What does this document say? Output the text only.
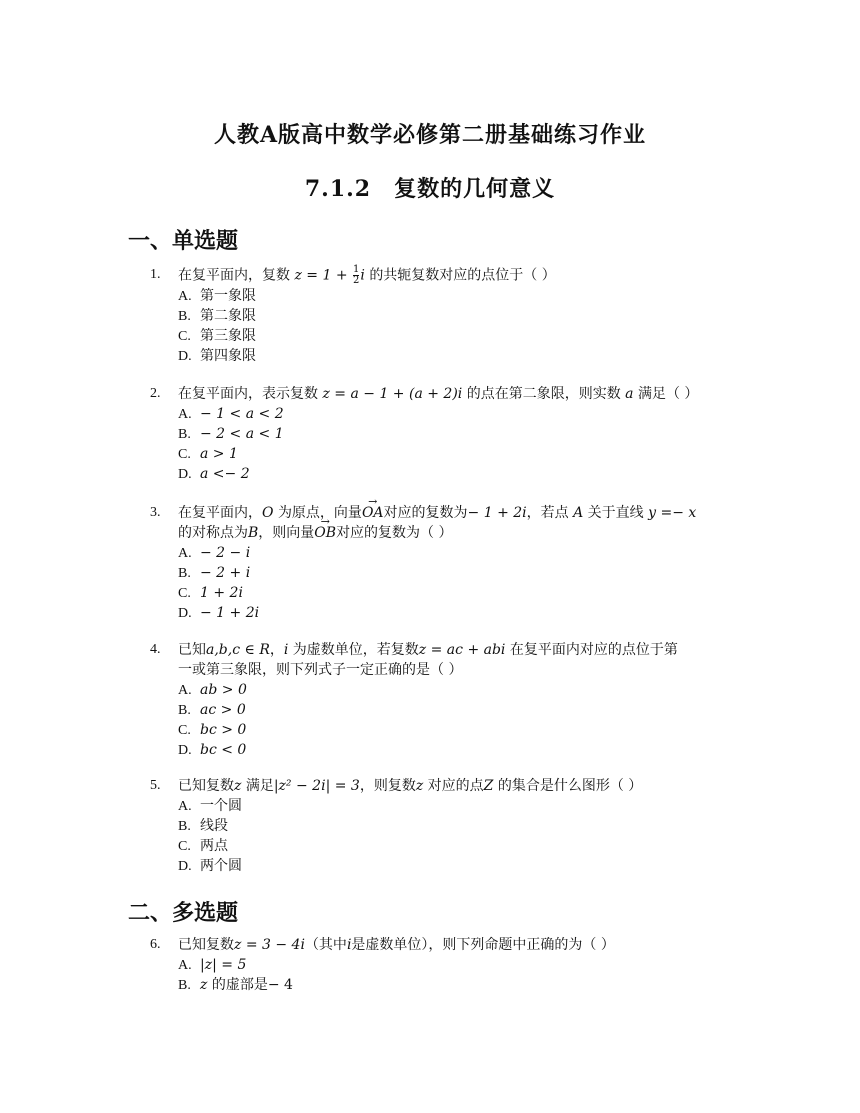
人教A版高中数学必修第二册基础练习作业
7.1.2　复数的几何意义
一、单选题
1. 在复平面内，复数 $z = 1 + \frac{1}{2}$ i 的共轭复数对应的点位于（ ）
A. 第一象限
B. 第二象限
C. 第三象限
D. 第四象限
2. 在复平面内，表示复数 z = a − 1 + (a + 2)i 的点在第二象限，则实数 a 满足（ ）
A. − 1 < a < 2
B. − 2 < a < 1
C. a > 1
D. a <− 2
3. 在复平面内，O 为原点，向量→ OA对应的复数为− 1 + 2i，若点 A 关于直线 y =− x
的对称点为B，则向量→ OB对应的复数为（ ）
A. − 2 − i
B. − 2 + i
C. 1 + 2i
D. − 1 + 2i
4. 已知a,b,c ∈ R，i 为虚数单位，若复数z = ac + abi 在复平面内对应的点位于第
一或第三象限，则下列式子一定正确的是（ ）
A. ab > 0
B. ac > 0
C. bc > 0
D. bc < 0
5. 已知复数z 满足|z² − 2i| = 3，则复数z 对应的点Z 的集合是什么图形（ ）
A. 一个圆
B. 线段
C. 两点
D. 两个圆
二、多选题
6. 已知复数z = 3 − 4i（其中i是虚数单位），则下列命题中正确的为（ ）
A. |z| = 5
B. z 的虚部是− 4
